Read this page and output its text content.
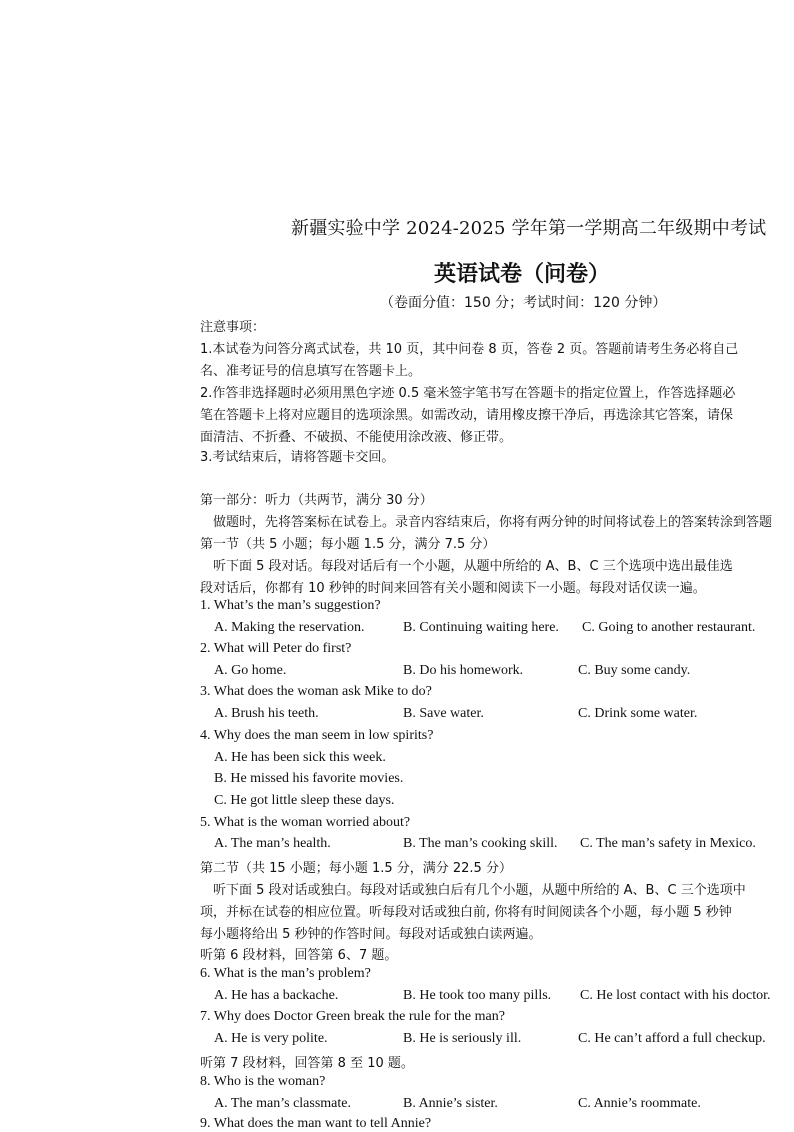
新疆实验中学 2024-2025 学年第一学期高二年级期中考试
英语试卷（问卷）
（卷面分值：150 分；考试时间：120 分钟）
注意事项：
1.本试卷为问答分离式试卷，共 10 页，其中问卷 8 页，答卷 2 页。答题前请考生务必将自己
名、准考证号的信息填写在答题卡上。
2.作答非选择题时必须用黑色字迹 0.5 毫米签字笔书写在答题卡的指定位置上，作答选择题必
笔在答题卡上将对应题目的选项涂黑。如需改动，请用橡皮擦干净后，再选涂其它答案，请保
面清洁、不折叠、不破损、不能使用涂改液、修正带。
3.考试结束后，请将答题卡交回。
第一部分：听力（共两节，满分 30 分）
做题时，先将答案标在试卷上。录音内容结束后，你将有两分钟的时间将试卷上的答案转涂到答题
第一节（共 5 小题；每小题 1.5 分，满分 7.5 分）
听下面 5 段对话。每段对话后有一个小题，从题中所给的 A、B、C 三个选项中选出最佳选
段对话后，你都有 10 秒钟的时间来回答有关小题和阅读下一小题。每段对话仅读一遍。
1. What’s the man’s suggestion?
A. Making the reservation.	B. Continuing waiting here. C. Going to another restaurant.
2. What will Peter do first?
A. Go home.	B. Do his homework.	C. Buy some candy.
3. What does the woman ask Mike to do?
A. Brush his teeth.	B. Save water.	C. Drink some water.
4. Why does the man seem in low spirits?
A. He has been sick this week.
B. He missed his favorite movies.
C. He got little sleep these days.
5. What is the woman worried about?
A. The man’s health.	B. The man’s cooking skill. C. The man’s safety in Mexico.
第二节（共 15 小题；每小题 1.5 分，满分 22.5 分）
听下面 5 段对话或独白。每段对话或独白后有几个小题，从题中所给的 A、B、C 三个选项中
项，并标在试卷的相应位置。听每段对话或独白前, 你将有时间阅读各个小题，每小题 5 秒钟
每小题将给出 5 秒钟的作答时间。每段对话或独白读两遍。
听第 6 段材料，回答第 6、7 题。
6. What is the man’s problem?
A. He has a backache.	B. He took too many pills. C. He lost contact with his doctor.
7. Why does Doctor Green break the rule for the man?
A. He is very polite.	B. He is seriously ill.	C. He can’t afford a full checkup.
听第 7 段材料，回答第 8 至 10 题。
8. Who is the woman?
A. The man’s classmate.	B. Annie’s sister.	C. Annie’s roommate.
9. What does the man want to tell Annie?
